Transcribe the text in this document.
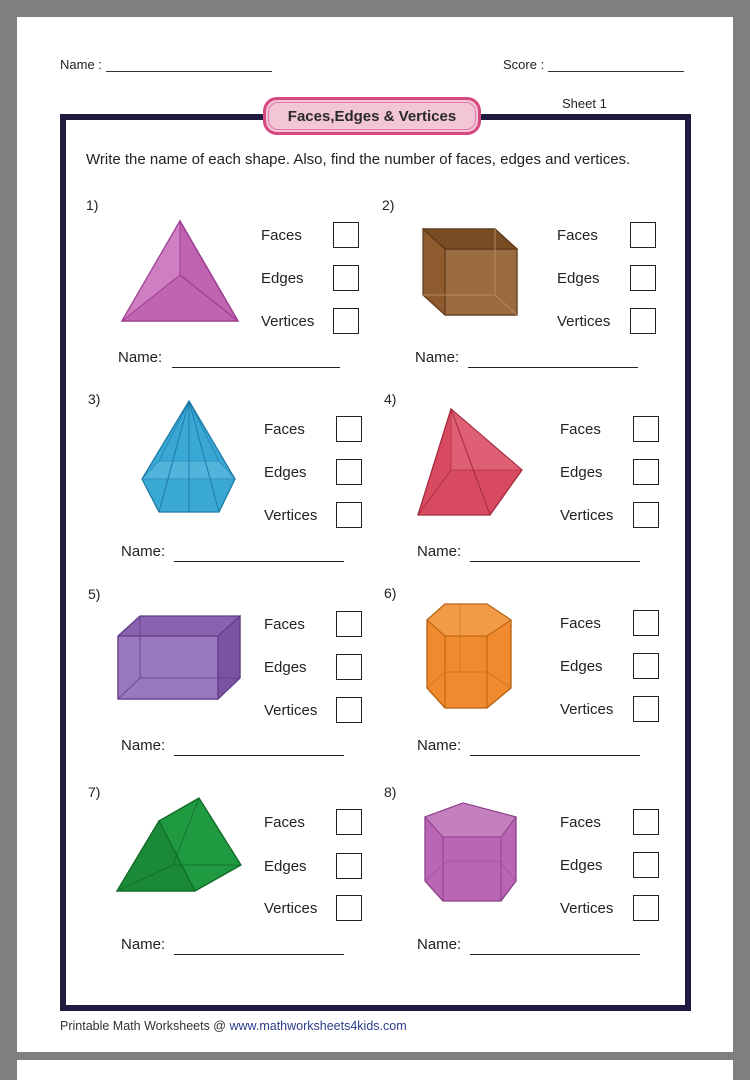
Name :	Score :
Sheet 1
Faces,Edges & Vertices
Write the name of each shape. Also, find the number of faces, edges and vertices.
1)
Faces
Edges
Vertices
Name:
2)
Faces
Edges
Vertices
Name:
3)
Faces
Edges
Vertices
Name:
4)
Faces
Edges
Vertices
Name:
5)
Faces
Edges
Vertices
Name:
6)
Faces
Edges
Vertices
Name:
7)
Faces
Edges
Vertices
Name:
8)
Faces
Edges
Vertices
Name:
Printable Math Worksheets @ www.mathworksheets4kids.com
